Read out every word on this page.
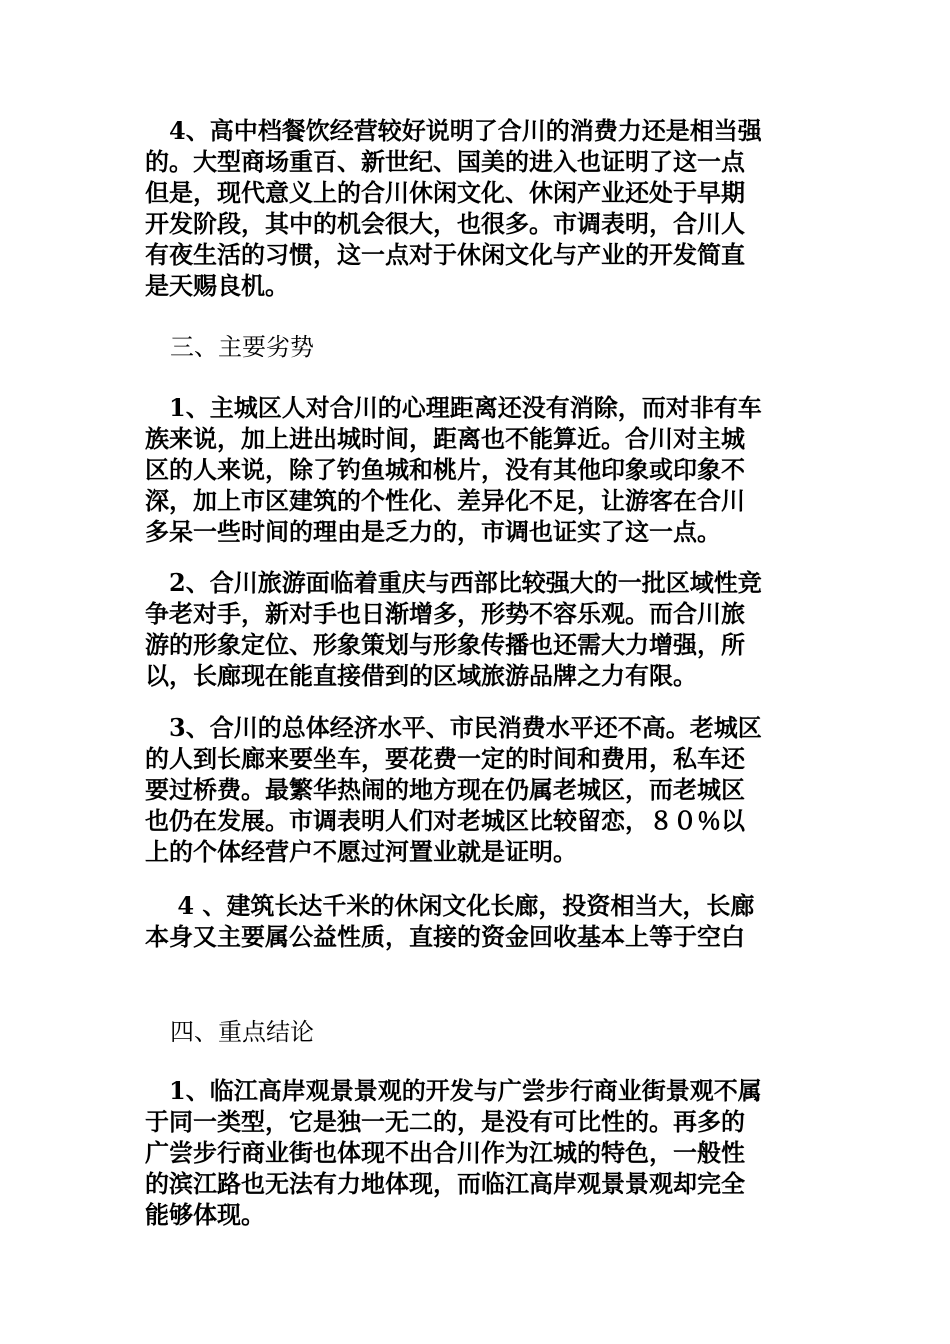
　4、高中档餐饮经营较好说明了合川的消费力还是相当强
的。大型商场重百、新世纪、国美的进入也证明了这一点
但是，现代意义上的合川休闲文化、休闲产业还处于早期
开发阶段，其中的机会很大，也很多。市调表明，合川人
有夜生活的习惯，这一点对于休闲文化与产业的开发简直
是天赐良机。
三、主要劣势
　1、主城区人对合川的心理距离还没有消除，而对非有车
族来说，加上进出城时间，距离也不能算近。合川对主城
区的人来说，除了钓鱼城和桃片，没有其他印象或印象不
深，加上市区建筑的个性化、差异化不足，让游客在合川
多呆一些时间的理由是乏力的，市调也证实了这一点。
　2、合川旅游面临着重庆与西部比较强大的一批区域性竞
争老对手，新对手也日渐增多，形势不容乐观。而合川旅
游的形象定位、形象策划与形象传播也还需大力增强，所
以，长廊现在能直接借到的区域旅游品牌之力有限。
　3、合川的总体经济水平、市民消费水平还不高。老城区
的人到长廊来要坐车，要花费一定的时间和费用，私车还
要过桥费。最繁华热闹的地方现在仍属老城区，而老城区
也仍在发展。市调表明人们对老城区比较留恋，８０％以
上的个体经营户不愿过河置业就是证明。
　 4 、建筑长达千米的休闲文化长廊，投资相当大，长廊
本身又主要属公益性质，直接的资金回收基本上等于空白
四、重点结论
　1、临江高岸观景景观的开发与广尝步行商业街景观不属
于同一类型，它是独一无二的，是没有可比性的。再多的
广尝步行商业街也体现不出合川作为江城的特色，一般性
的滨江路也无法有力地体现，而临江高岸观景景观却完全
能够体现。
